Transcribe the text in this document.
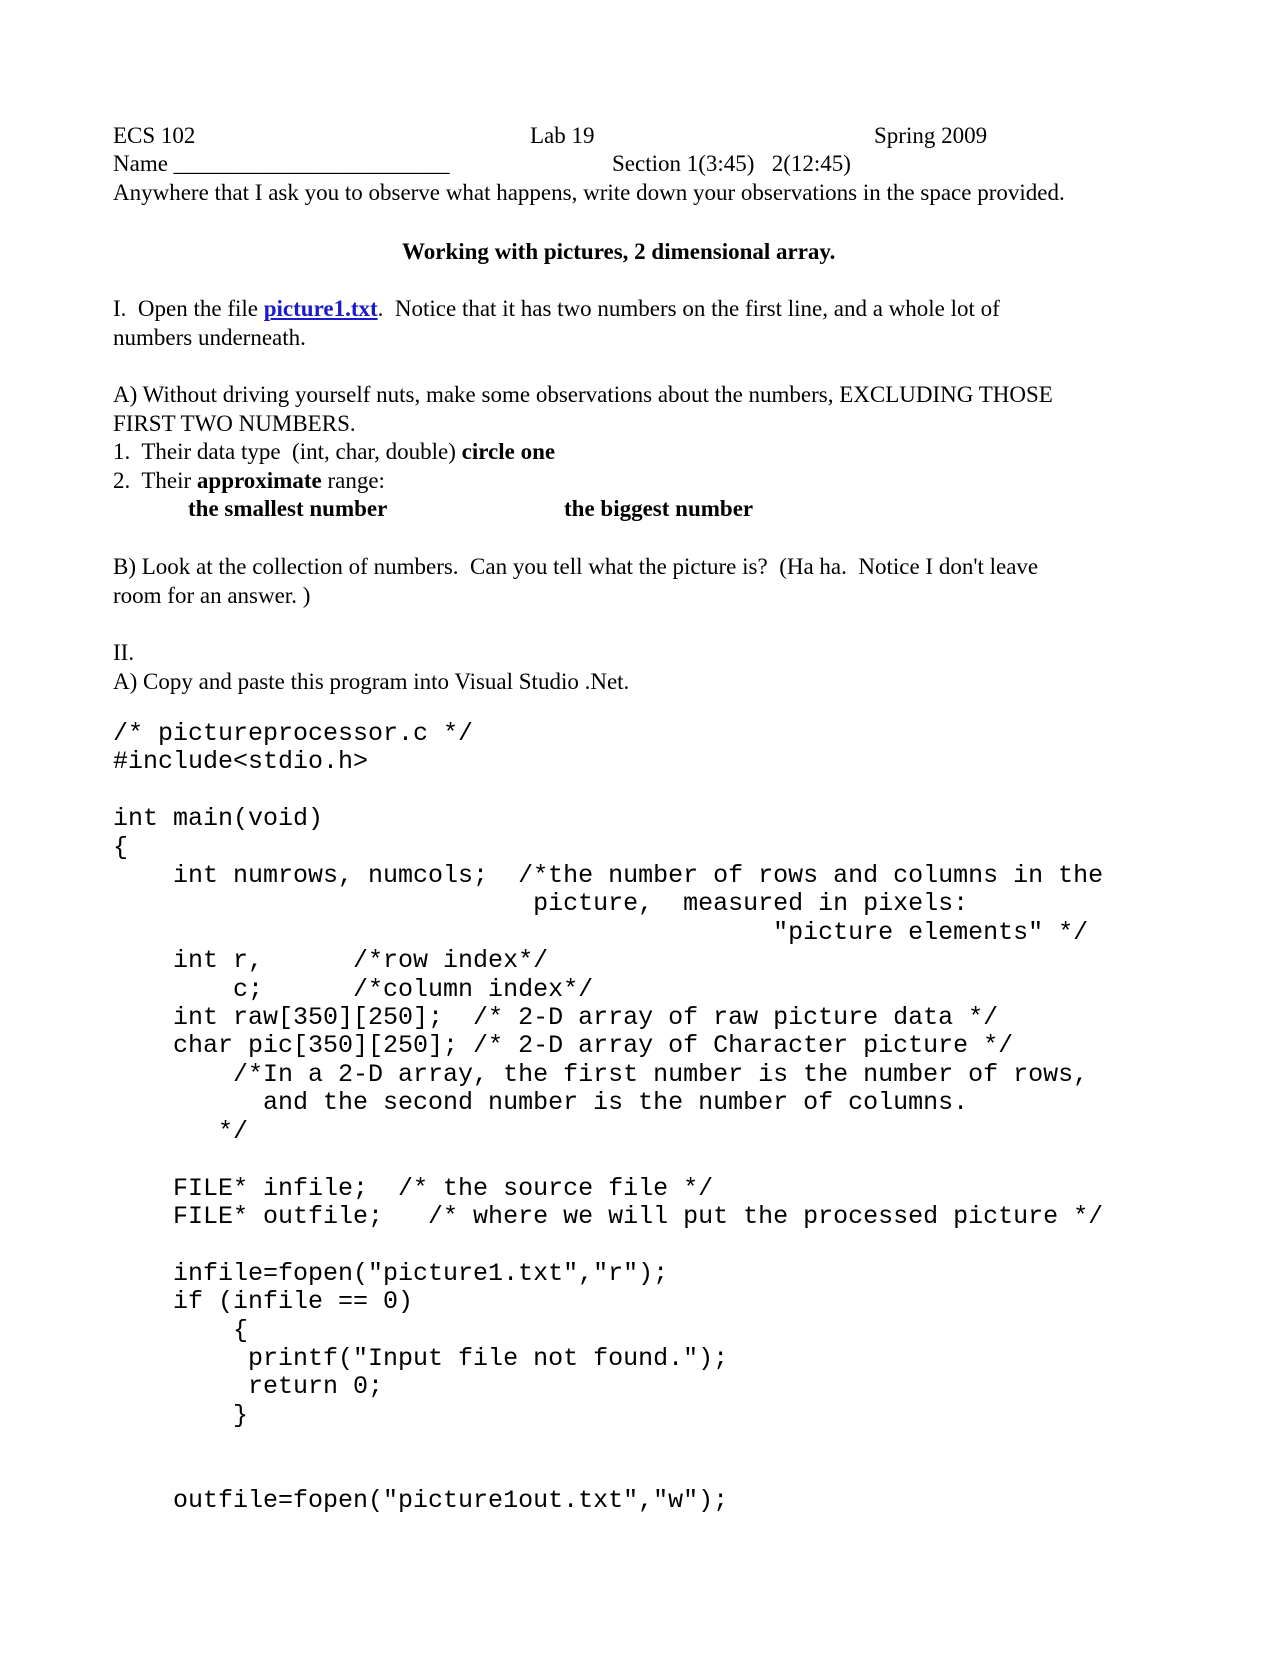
ECS 102	Lab 19	Spring 2009
Name ________________________	Section 1(3:45)   2(12:45)
Anywhere that I ask you to observe what happens, write down your observations in the space provided.
Working with pictures, 2 dimensional array.
I.  Open the file picture1.txt.  Notice that it has two numbers on the first line, and a whole lot of
numbers underneath.
A) Without driving yourself nuts, make some observations about the numbers, EXCLUDING THOSE
FIRST TWO NUMBERS.
1.  Their data type  (int, char, double) circle one
2.  Their approximate range:
the smallest number	the biggest number
B) Look at the collection of numbers.  Can you tell what the picture is?  (Ha ha.  Notice I don't leave
room for an answer. )
II.
A) Copy and paste this program into Visual Studio .Net.
/* pictureprocessor.c */
#include<stdio.h>

int main(void)
{
int numrows, numcols;  /*the number of rows and columns in the
picture,  measured in pixels:
"picture elements" */
int r,      /*row index*/
c;      /*column index*/
int raw[350][250];  /* 2-D array of raw picture data */
char pic[350][250]; /* 2-D array of Character picture */
/*In a 2-D array, the first number is the number of rows,
and the second number is the number of columns.
*/

FILE* infile;  /* the source file */
FILE* outfile;   /* where we will put the processed picture */

infile=fopen("picture1.txt","r");
if (infile == 0)
{
printf("Input file not found.");
return 0;
}

outfile=fopen("picture1out.txt","w");
